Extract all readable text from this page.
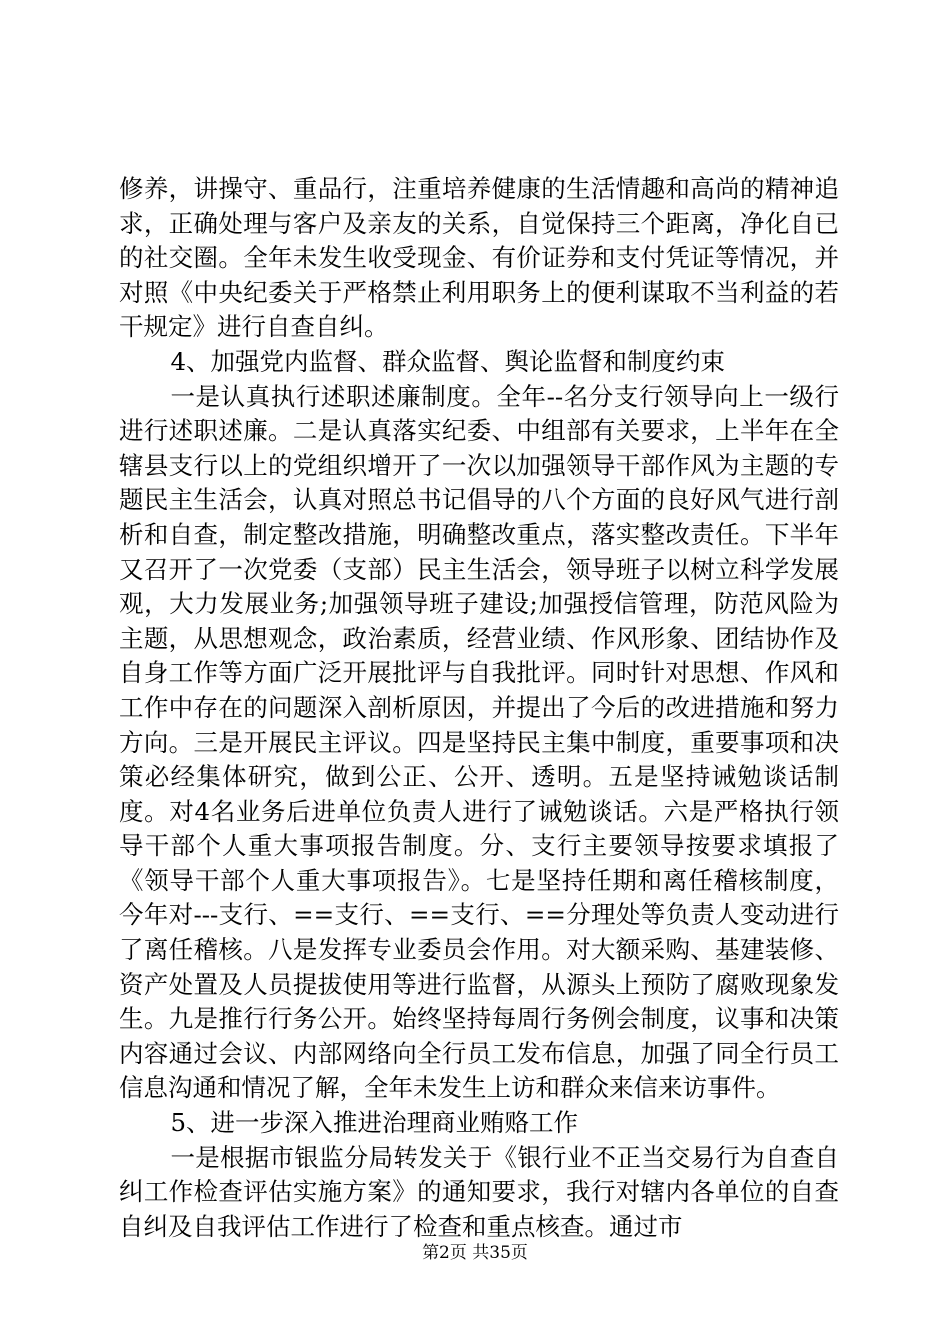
修养，讲操守、重品行，注重培养健康的生活情趣和高尚的精神追求，正确处理与客户及亲友的关系，自觉保持三个距离，净化自已的社交圈。全年未发生收受现金、有价证券和支付凭证等情况，并对照《中央纪委关于严格禁止利用职务上的便利谋取不当利益的若干规定》进行自查自纠。

4、加强党内监督、群众监督、舆论监督和制度约束

一是认真执行述职述廉制度。全年--名分支行领导向上一级行进行述职述廉。二是认真落实纪委、中组部有关要求，上半年在全辖县支行以上的党组织增开了一次以加强领导干部作风为主题的专题民主生活会，认真对照总书记倡导的八个方面的良好风气进行剖析和自查，制定整改措施，明确整改重点，落实整改责任。下半年又召开了一次党委（支部）民主生活会，领导班子以树立科学发展观，大力发展业务;加强领导班子建设;加强授信管理，防范风险为主题，从思想观念，政治素质，经营业绩、作风形象、团结协作及自身工作等方面广泛开展批评与自我批评。同时针对思想、作风和工作中存在的问题深入剖析原因，并提出了今后的改进措施和努力方向。三是开展民主评议。四是坚持民主集中制度，重要事项和决策必经集体研究，做到公正、公开、透明。五是坚持诫勉谈话制度。对4名业务后进单位负责人进行了诫勉谈话。六是严格执行领导干部个人重大事项报告制度。分、支行主要领导按要求填报了《领导干部个人重大事项报告》。七是坚持任期和离任稽核制度，今年对---支行、==支行、==支行、==分理处等负责人变动进行了离任稽核。八是发挥专业委员会作用。对大额采购、基建装修、资产处置及人员提拔使用等进行监督，从源头上预防了腐败现象发生。九是推行行务公开。始终坚持每周行务例会制度，议事和决策内容通过会议、内部网络向全行员工发布信息，加强了同全行员工信息沟通和情况了解，全年未发生上访和群众来信来访事件。

5、进一步深入推进治理商业贿赂工作

一是根据市银监分局转发关于《银行业不正当交易行为自查自纠工作检查评估实施方案》的通知要求，我行对辖内各单位的自查自纠及自我评估工作进行了检查和重点核查。通过市

第2页 共35页
